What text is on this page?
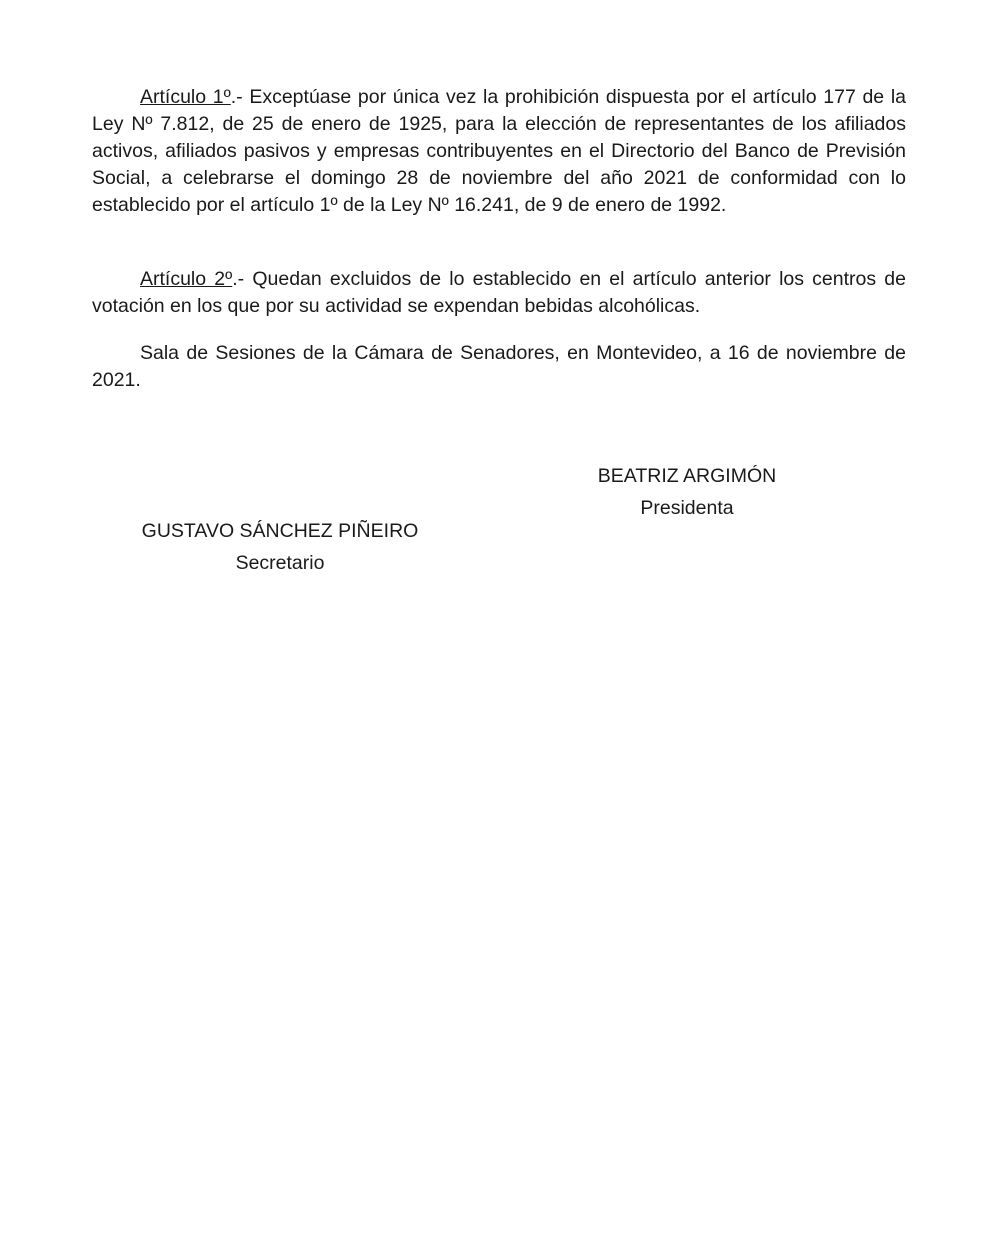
Artículo 1º.- Exceptúase por única vez la prohibición dispuesta por el artículo 177 de la Ley Nº 7.812, de 25 de enero de 1925, para la elección de representantes de los afiliados activos, afiliados pasivos y empresas contribuyentes en el Directorio del Banco de Previsión Social, a celebrarse el domingo 28 de noviembre del año 2021 de conformidad con lo establecido por el artículo 1º de la Ley Nº 16.241, de 9 de enero de 1992.

Artículo 2º.- Quedan excluidos de lo establecido en el artículo anterior los centros de votación en los que por su actividad se expendan bebidas alcohólicas.

Sala de Sesiones de la Cámara de Senadores, en Montevideo, a 16 de noviembre de 2021.

BEATRIZ ARGIMÓN
Presidenta
GUSTAVO SÁNCHEZ PIÑEIRO
Secretario
